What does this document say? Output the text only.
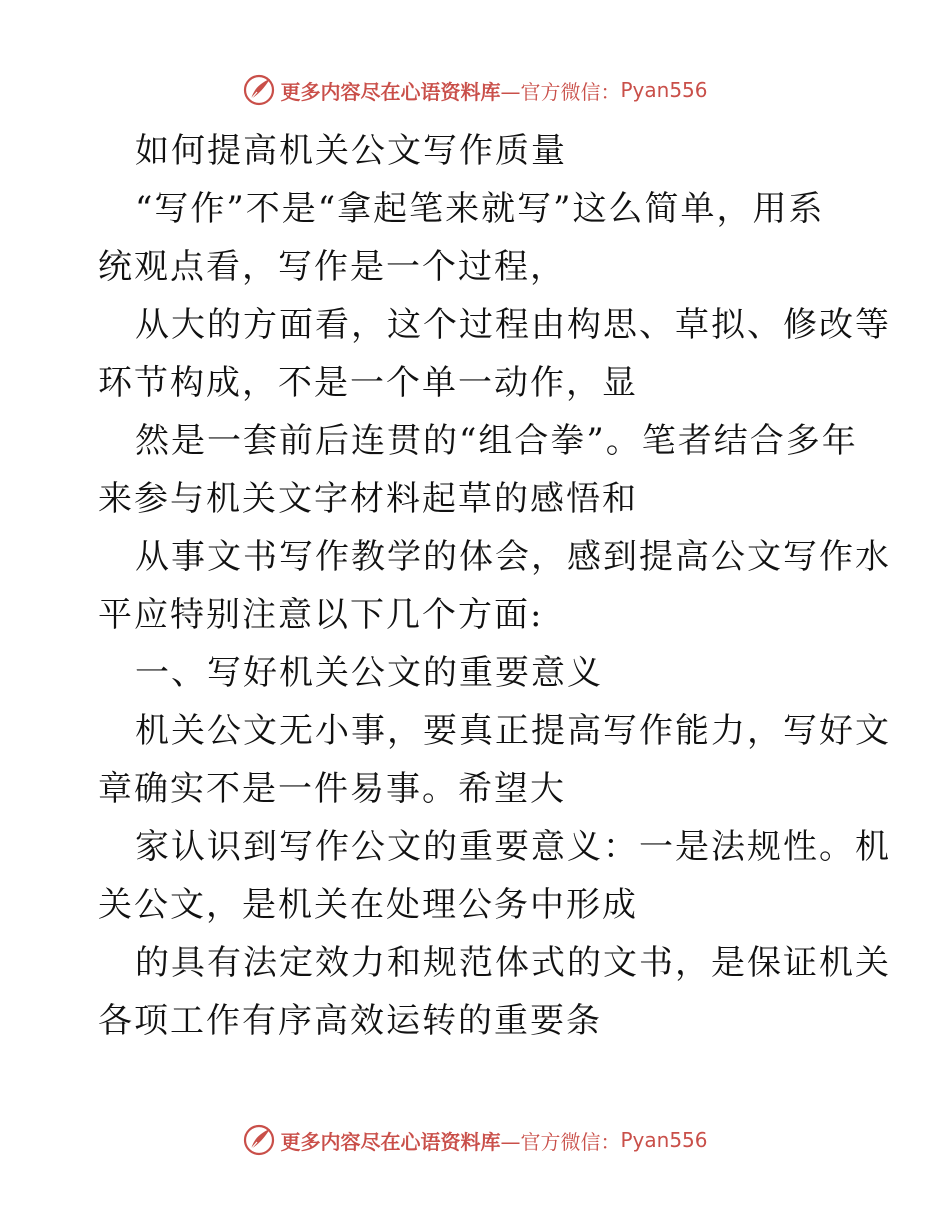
更多内容尽在心语资料库 —官方微信： Pyan556
如何提高机关公文写作质量
“写作”不是“拿起笔来就写”这么简单，用系
统观点看，写作是一个过程，
从大的方面看，这个过程由构思、草拟、修改等
环节构成，不是一个单一动作，显
然是一套前后连贯的“组合拳”。笔者结合多年
来参与机关文字材料起草的感悟和
从事文书写作教学的体会，感到提高公文写作水
平应特别注意以下几个方面:
一、写好机关公文的重要意义
机关公文无小事，要真正提高写作能力，写好文
章确实不是一件易事。希望大
家认识到写作公文的重要意义：一是法规性。机
关公文，是机关在处理公务中形成
的具有法定效力和规范体式的文书，是保证机关
各项工作有序高效运转的重要条
更多内容尽在心语资料库 —官方微信： Pyan556
